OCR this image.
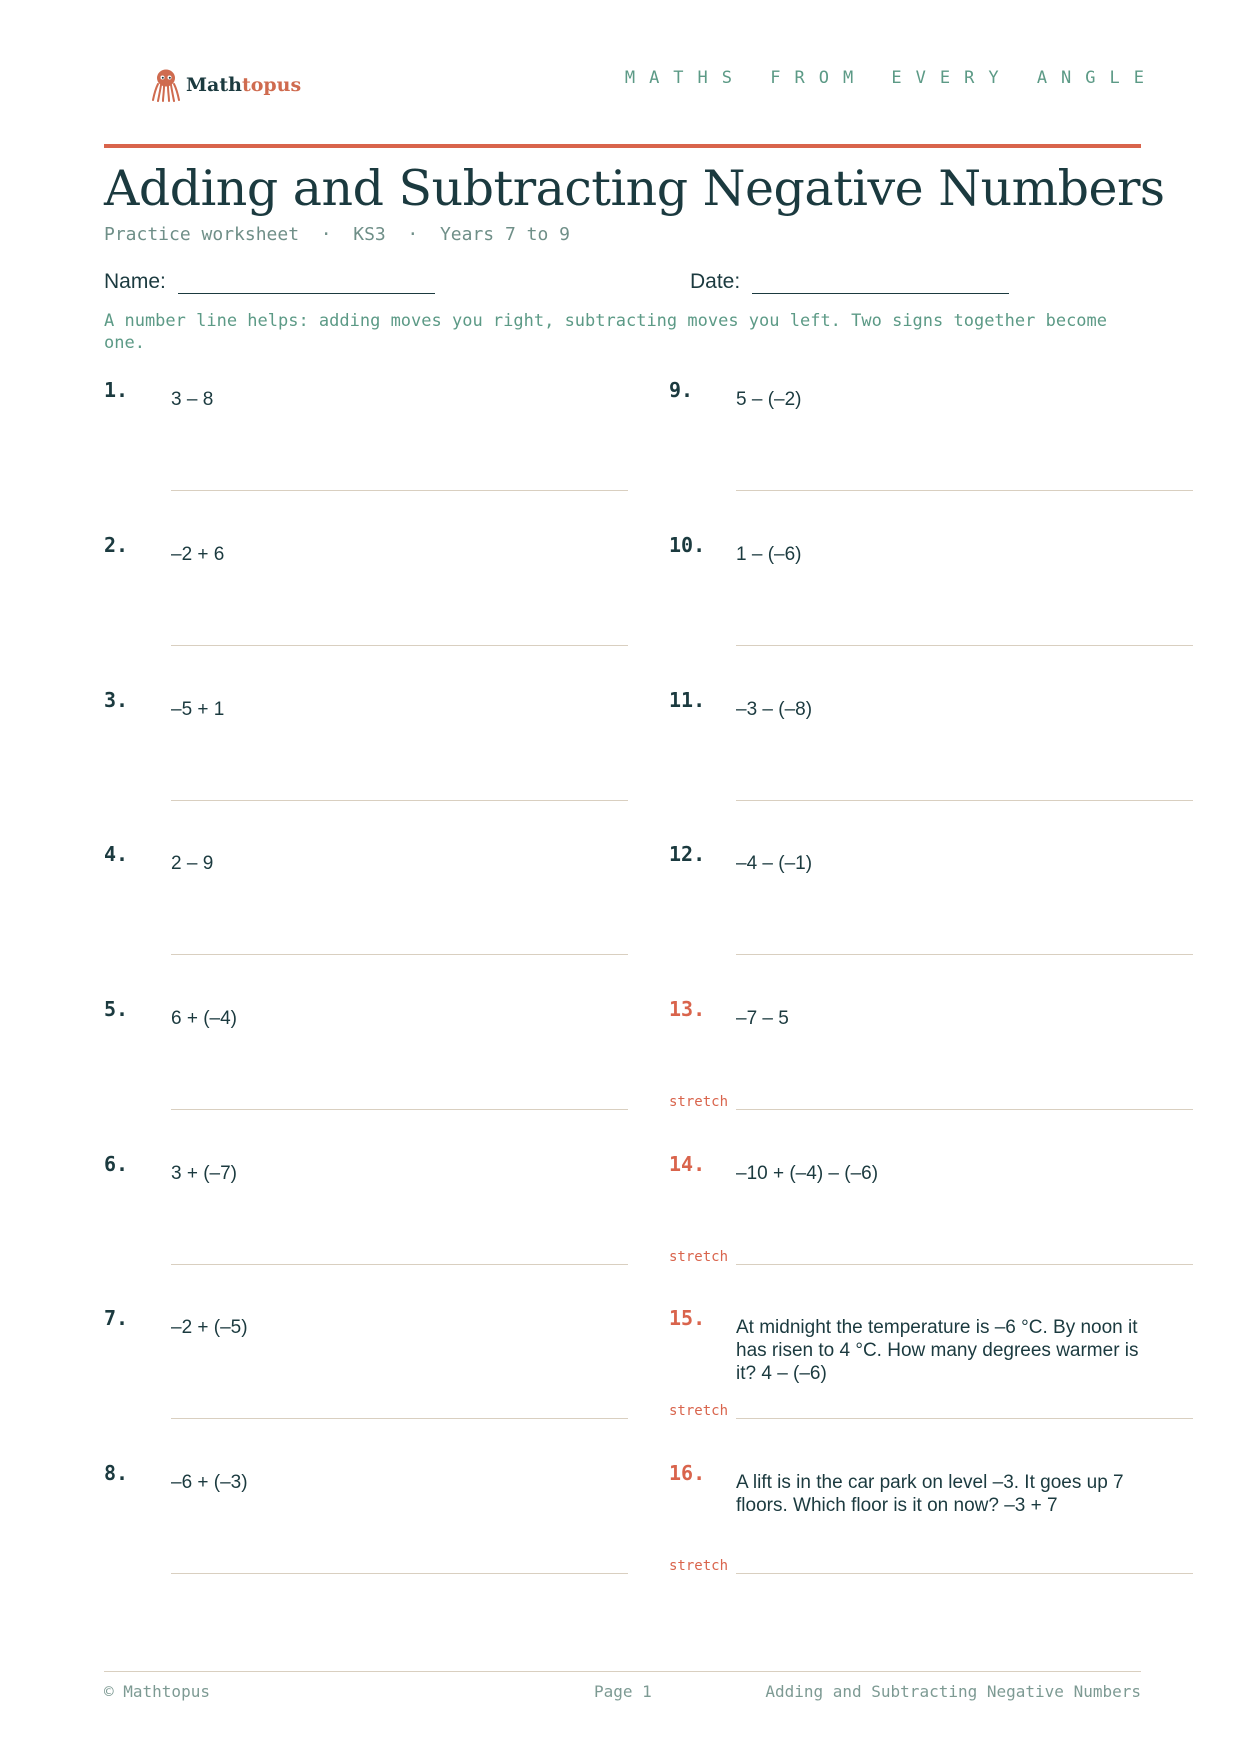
Mathtopus	MATHS FROM EVERY ANGLE
Adding and Subtracting Negative Numbers
Practice worksheet  ·  KS3  ·  Years 7 to 9
Name:	Date:
A number line helps: adding moves you right, subtracting moves you left. Two signs together become one.
1. 3 – 8
2. –2 + 6
3. –5 + 1
4. 2 – 9
5. 6 + (–4)
6. 3 + (–7)
7. –2 + (–5)
8. –6 + (–3)
9. 5 – (–2)
10. 1 – (–6)
11. –3 – (–8)
12. –4 – (–1)
13. –7 – 5
stretch
14. –10 + (–4) – (–6)
stretch
15. At midnight the temperature is –6 °C. By noon it has risen to 4 °C. How many degrees warmer is it? 4 – (–6)
stretch
16. A lift is in the car park on level –3. It goes up 7 floors. Which floor is it on now? –3 + 7
stretch
© Mathtopus	Page 1	Adding and Subtracting Negative Numbers
